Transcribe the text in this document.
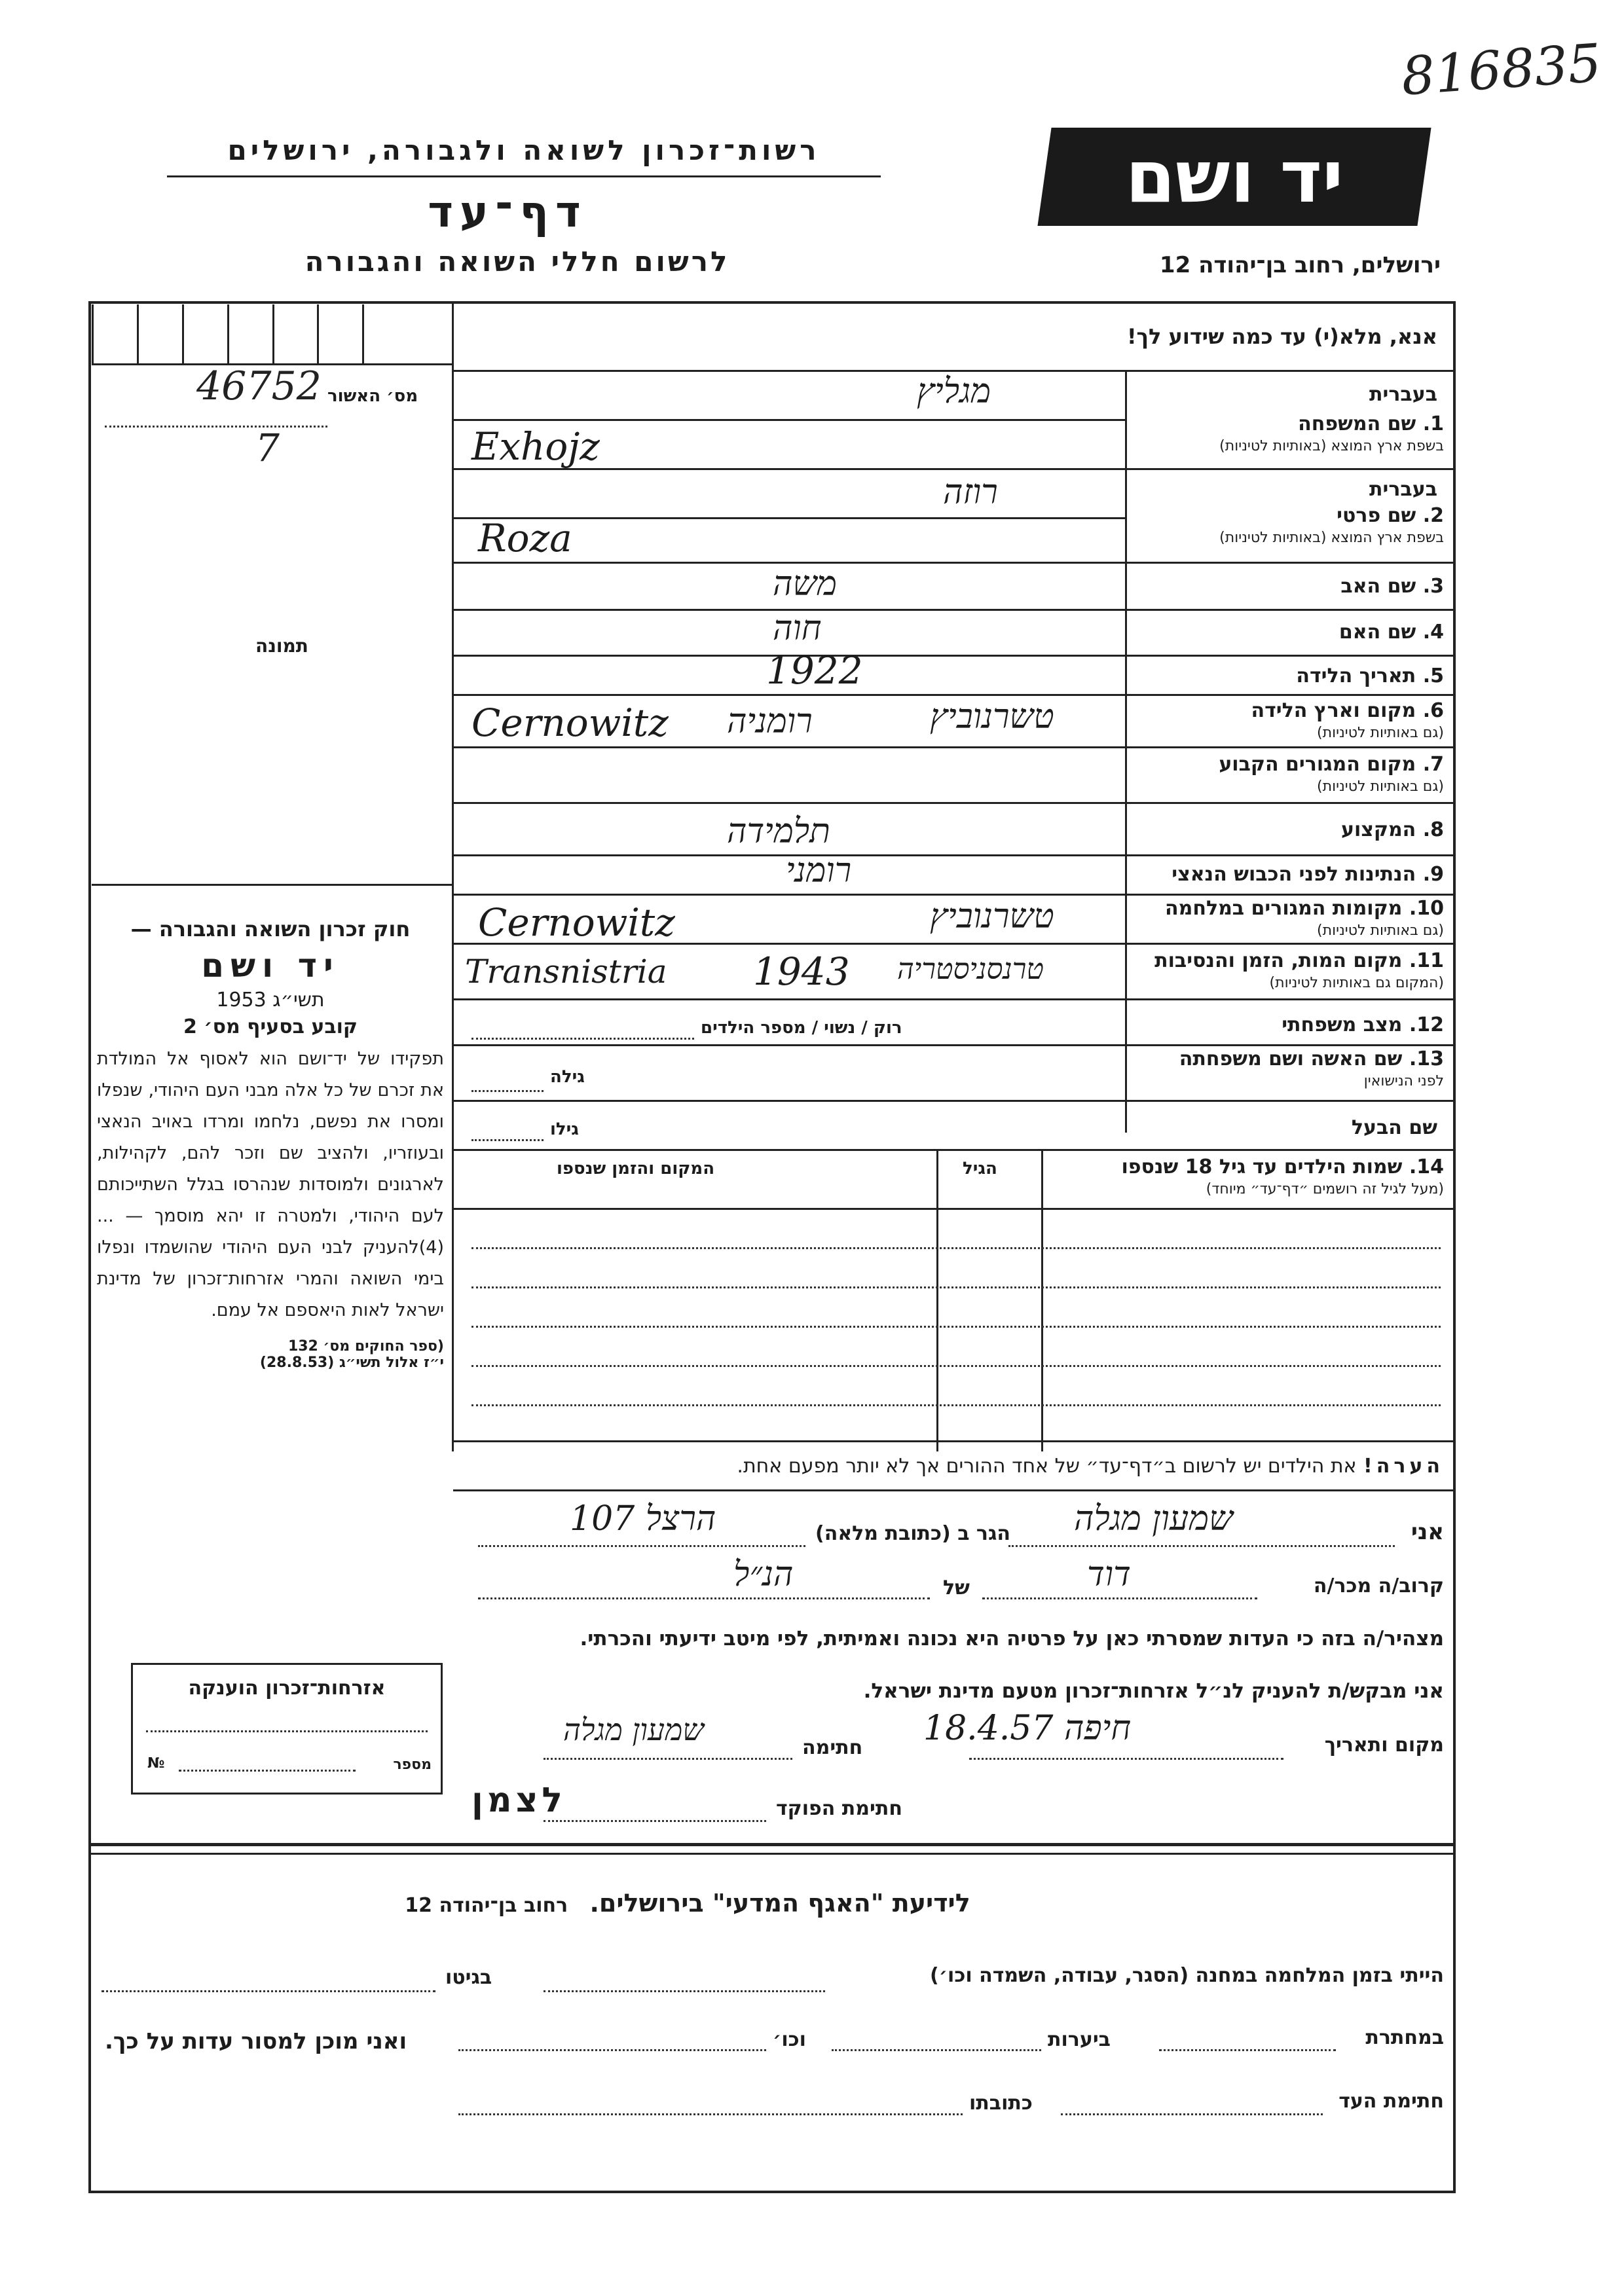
816835
רשות־זכרון לשואה ולגבורה, ירושלים
דף־עד
לרשום חללי השואה והגבורה
יד ושם
ירושלים, רחוב בן־יהודה 12
מס׳ האשור
46752
7
תמונה
אנא, מלא(י) עד כמה שידוע לך!
בעברית
1. שם המשפחה
בשפת ארץ המוצא (באותיות לטיניות)
מגליץ
Exhojz
בעברית
2. שם פרטי
בשפת ארץ המוצא (באותיות לטיניות)
רוזה
Roza
3. שם האב
משה
4. שם האם
חוה
5. תאריך הלידה
1922
6. מקום וארץ הלידה
(גם באותיות לטיניות)
טשרנוביץ
רומניה
Cernowitz
7. מקום המגורים הקבוע
(גם באותיות לטיניות)
8. המקצוע
תלמידה
9. הנתינות לפני הכבוש הנאצי
רומני
10. מקומות המגורים במלחמה
(גם באותיות לטיניות)
טשרנוביץ
Cernowitz
11. מקום המות, הזמן והנסיבות
(המקום גם באותיות לטיניות)
טרנסניסטריה
1943
Transnistria
12. מצב משפחתי
רוק / נשוי / מספר הילדים
13. שם האשה ושם משפחתה
לפני הנישואין
גילה
שם הבעל
גילו
14. שמות הילדים עד גיל 18 שנספו
(מעל לגיל זה רושמים ״דף־עד״ מיוחד)
הגיל
המקום והזמן שנספו
הערה! את הילדים יש לרשום ב״דף־עד״ של אחד ההורים אך לא יותר מפעם אחת.
חוק זכרון השואה והגבורה —
יד ושם
תשי״ג 1953
קובע בסעיף מס׳ 2
תפקידו של יד־ושם הוא לאסוף אל המולדת את זכרם של כל אלה מבני העם היהודי, שנפלו ומסרו את נפשם, נלחמו ומרדו באויב הנאצי ובעוזריו, ולהציב שם וזכר להם, לקהילות, לארגונים ולמוסדות שנהרסו בגלל השתייכותם לעם היהודי, ולמטרה זו יהא מוסמך — ...(4)להעניק לבני העם היהודי שהושמדו ונפלו בימי השואה והמרי אזרחות־זכרון של מדינת ישראל לאות היאספם אל עמם.
(ספר החוקים מס׳ 132
י״ז אלול תשי״ג (28.8.53)
אני
שמעון מגלה
הגר ב (כתובת מלאה)
הרצל 107
קרוב/ה מכר/ה
דוד
של
הנ״ל
מצהיר/ה בזה כי העדות שמסרתי כאן על פרטיה היא נכונה ואמיתית, לפי מיטב ידיעתי והכרתי.
אני מבקש/ת להעניק לנ״ל אזרחות־זכרון מטעם מדינת ישראל.
מקום ותאריך
חיפה 18.4.57
חתימה
שמעון מגלה
לצמן	חתימת הפוקד
אזרחות־זכרון הוענקה
מספר
№
לידיעת "האגף המדעי" בירושלים. רחוב בן־יהודה 12
הייתי בזמן המלחמה במחנה (הסגר, עבודה, השמדה וכו׳)
בגיטו
במחתרת
ביערות
וכו׳
ואני מוכן למסור עדות על כך.
חתימת העד
כתובתו
